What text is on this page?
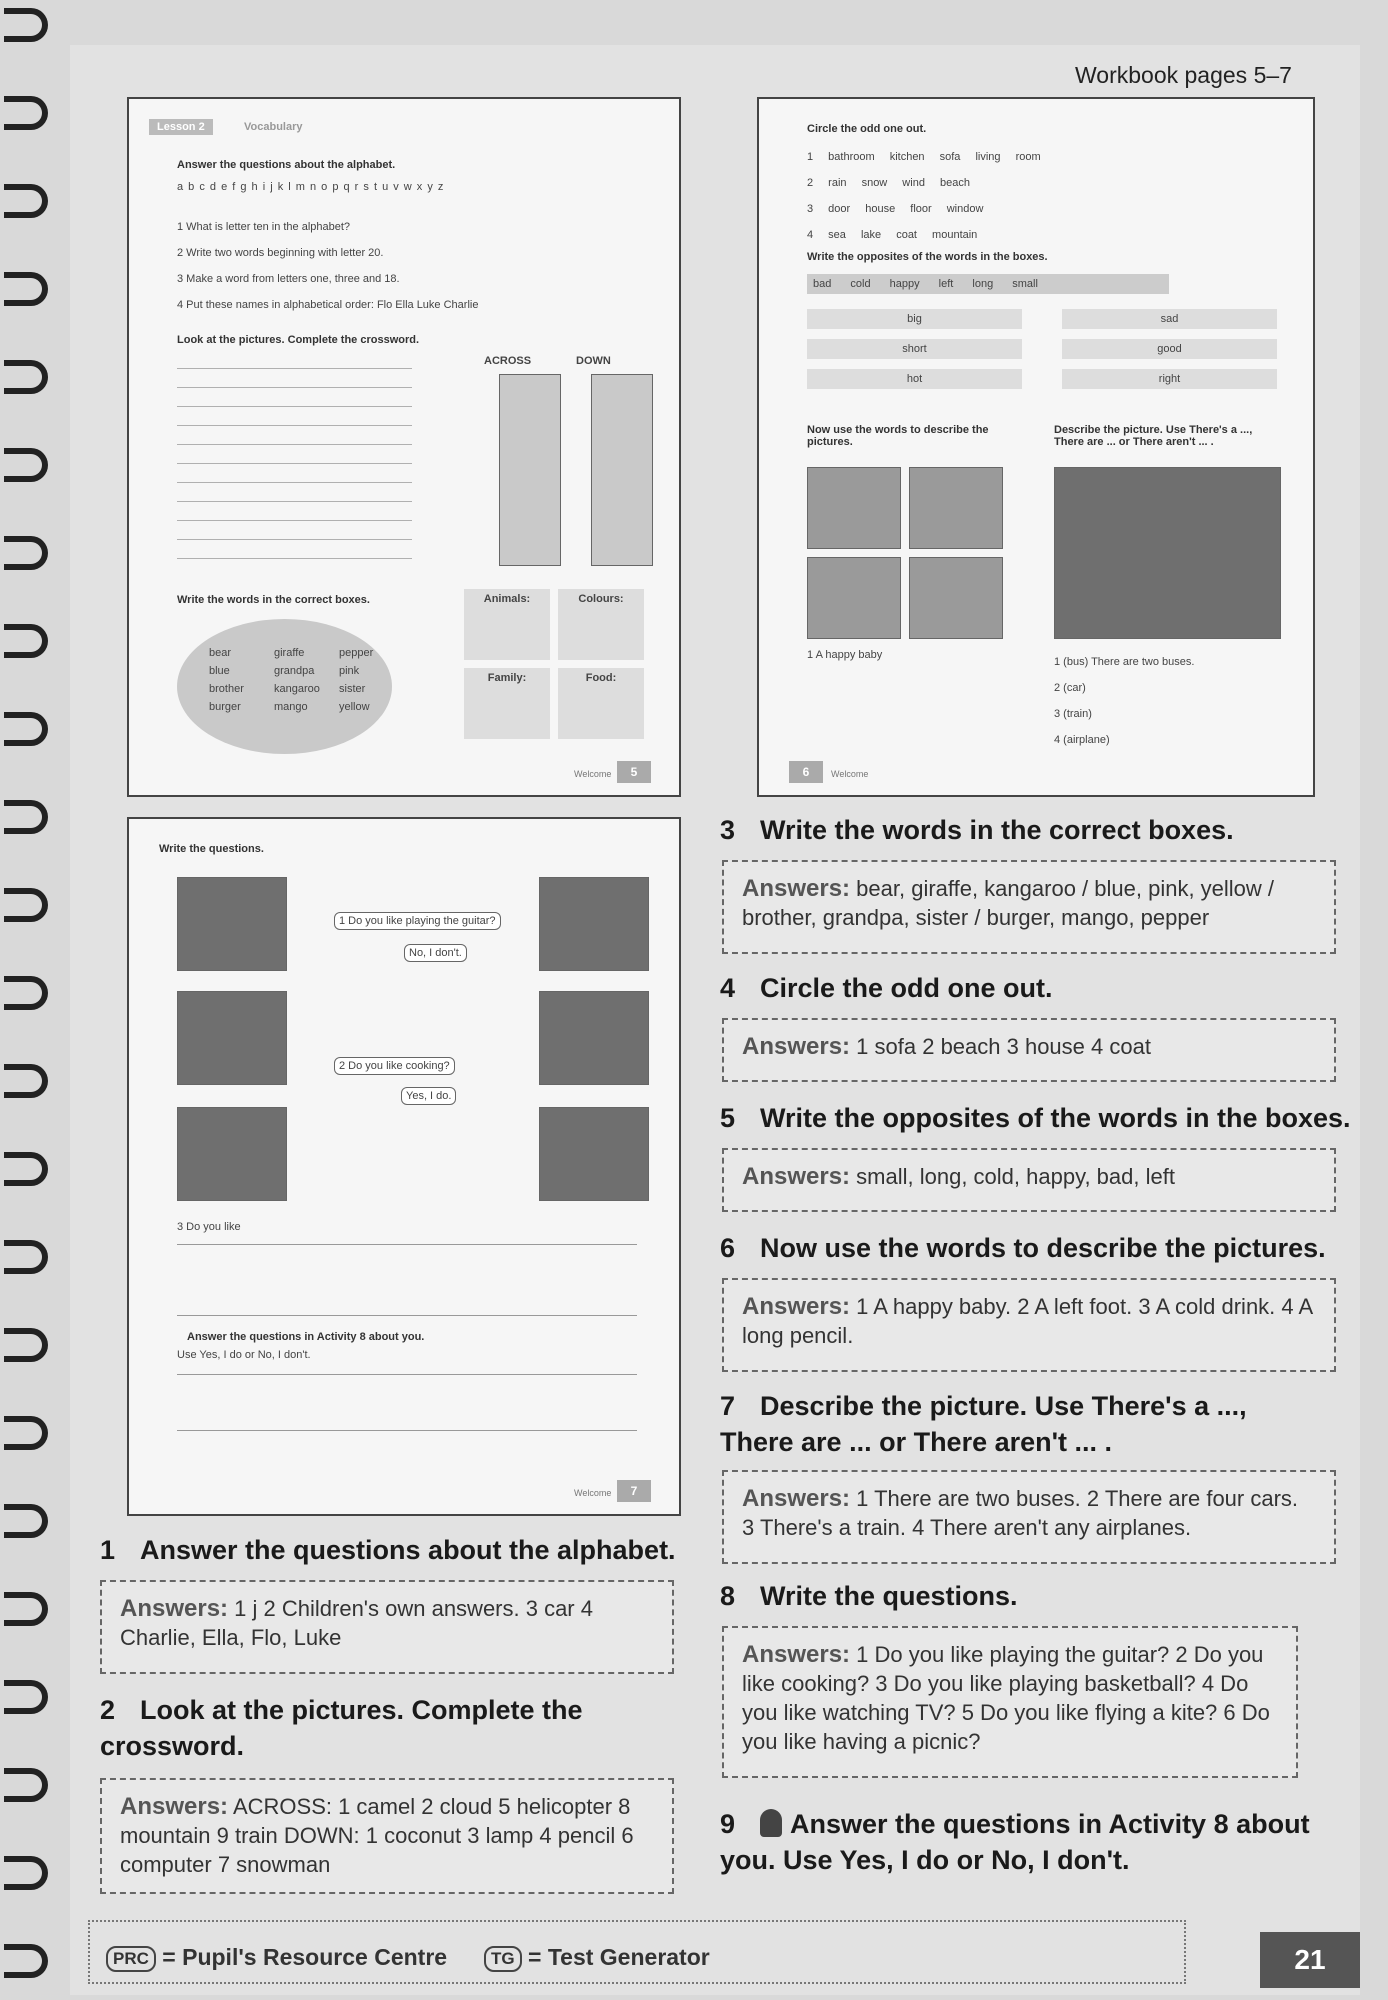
Workbook pages 5–7
Lesson 2	Vocabulary
Answer the questions about the alphabet.
a b c d e f g h i j k l m n o p q r s t u v w x y z
1 What is letter ten in the alphabet?
2 Write two words beginning with letter 20.
3 Make a word from letters one, three and 18.
4 Put these names in alphabetical order: Flo Ella Luke Charlie
Look at the pictures. Complete the crossword.
ACROSS	DOWN
Write the words in the correct boxes.
bear	giraffe	pepper
blue	grandpa	pink
brother	kangaroo	sister
burger	mango	yellow
Animals:	Colours:
Family:	Food:
Welcome	5
Circle the odd one out.
1 bathroom kitchen sofa living room
2 rain snow wind beach
3 door house floor window
4 sea lake coat mountain
Write the opposites of the words in the boxes.
bad cold happy left long small
big	sad
short	good
hot	right
Now use the words to describe the pictures.
Describe the picture. Use There's a ..., There are ... or There aren't ... .
1 A happy baby
1 (bus) There are two buses.
2 (car)
3 (train)
4 (airplane)
6	Welcome
Write the questions.
1 Do you like playing the guitar?
No, I don't.
2 Do you like cooking?
Yes, I do.
3 Do you like
Answer the questions in Activity 8 about you.
Use Yes, I do or No, I don't.
Welcome	7
1 Answer the questions about the alphabet.
Answers: 1 j 2 Children's own answers. 3 car 4 Charlie, Ella, Flo, Luke
2 Look at the pictures. Complete the crossword.
Answers: ACROSS: 1 camel 2 cloud 5 helicopter 8 mountain 9 train DOWN: 1 coconut 3 lamp 4 pencil 6 computer 7 snowman
3 Write the words in the correct boxes.
Answers: bear, giraffe, kangaroo / blue, pink, yellow / brother, grandpa, sister / burger, mango, pepper
4 Circle the odd one out.
Answers: 1 sofa 2 beach 3 house 4 coat
5 Write the opposites of the words in the boxes.
Answers: small, long, cold, happy, bad, left
6 Now use the words to describe the pictures.
Answers: 1 A happy baby. 2 A left foot. 3 A cold drink. 4 A long pencil.
7 Describe the picture. Use There's a ..., There are ... or There aren't ... .
Answers: 1 There are two buses. 2 There are four cars. 3 There's a train. 4 There aren't any airplanes.
8 Write the questions.
Answers: 1 Do you like playing the guitar? 2 Do you like cooking? 3 Do you like playing basketball? 4 Do you like watching TV? 5 Do you like flying a kite? 6 Do you like having a picnic?
9 Answer the questions in Activity 8 about you. Use Yes, I do or No, I don't.
PRC = Pupil's Resource Centre	TG = Test Generator	21
